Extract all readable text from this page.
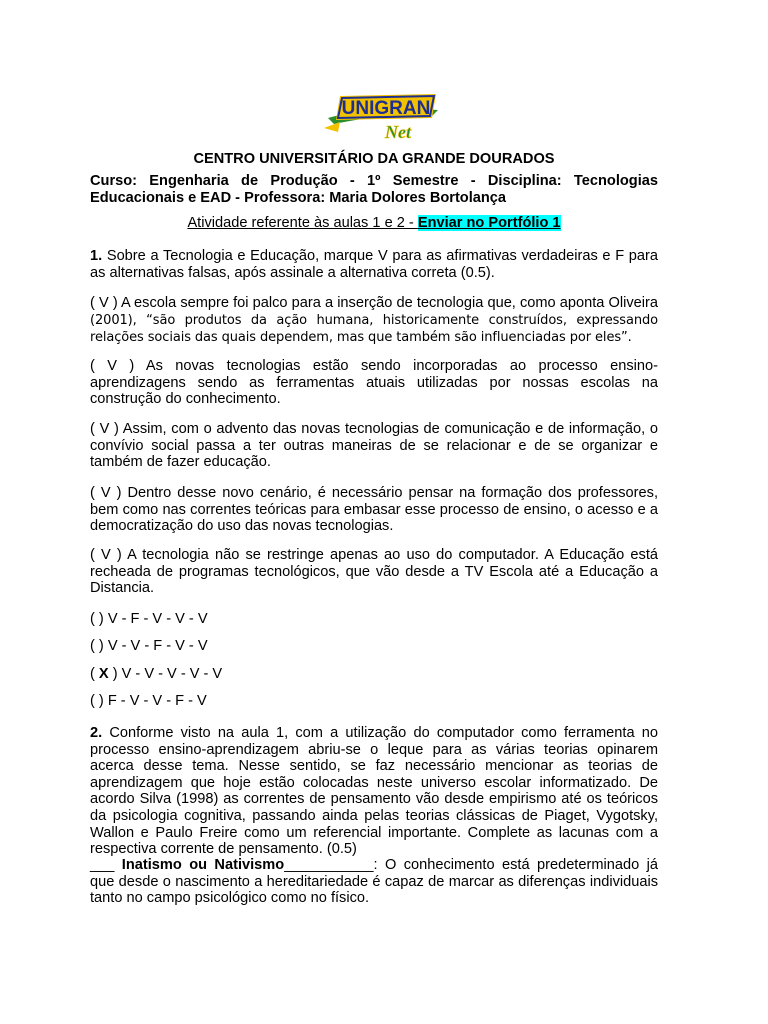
UNIGRAN
Net
CENTRO UNIVERSITÁRIO DA GRANDE DOURADOS
Curso: Engenharia de Produção - 1º Semestre - Disciplina: Tecnologias Educacionais e EAD - Professora: Maria Dolores Bortolança
Atividade referente às aulas 1 e 2 - Enviar no Portfólio 1
1. Sobre a Tecnologia e Educação, marque V para as afirmativas verdadeiras e F para as alternativas falsas, após assinale a alternativa correta (0.5).
( V ) A escola sempre foi palco para a inserção de tecnologia que, como aponta Oliveira (2001), “são produtos da ação humana, historicamente construídos, expressando relações sociais das quais dependem, mas que também são influenciadas por eles”.
( V ) As novas tecnologias estão sendo incorporadas ao processo ensino-aprendizagens sendo as ferramentas atuais utilizadas por nossas escolas na construção do conhecimento.
( V ) Assim, com o advento das novas tecnologias de comunicação e de informação, o convívio social passa a ter outras maneiras de se relacionar e de se organizar e também de fazer educação.
( V ) Dentro desse novo cenário, é necessário pensar na formação dos professores, bem como nas correntes teóricas para embasar esse processo de ensino, o acesso e a democratização do uso das novas tecnologias.
( V ) A tecnologia não se restringe apenas ao uso do computador. A Educação está recheada de programas tecnológicos, que vão desde a TV Escola até a Educação a Distancia.
( ) V - F - V - V - V
( ) V - V - F - V - V
( X ) V - V - V - V - V
( ) F - V - V - F - V
2. Conforme visto na aula 1, com a utilização do computador como ferramenta no processo ensino-aprendizagem abriu-se o leque para as várias teorias opinarem acerca desse tema. Nesse sentido, se faz necessário mencionar as teorias de aprendizagem que hoje estão colocadas neste universo escolar informatizado. De acordo Silva (1998) as correntes de pensamento vão desde empirismo até os teóricos da psicologia cognitiva, passando ainda pelas teorias clássicas de Piaget, Vygotsky, Wallon e Paulo Freire como um referencial importante. Complete as lacunas com a respectiva corrente de pensamento. (0.5)
___ Inatismo ou Nativismo___________: O conhecimento está predeterminado já que desde o nascimento a hereditariedade é capaz de marcar as diferenças individuais tanto no campo psicológico como no físico.
